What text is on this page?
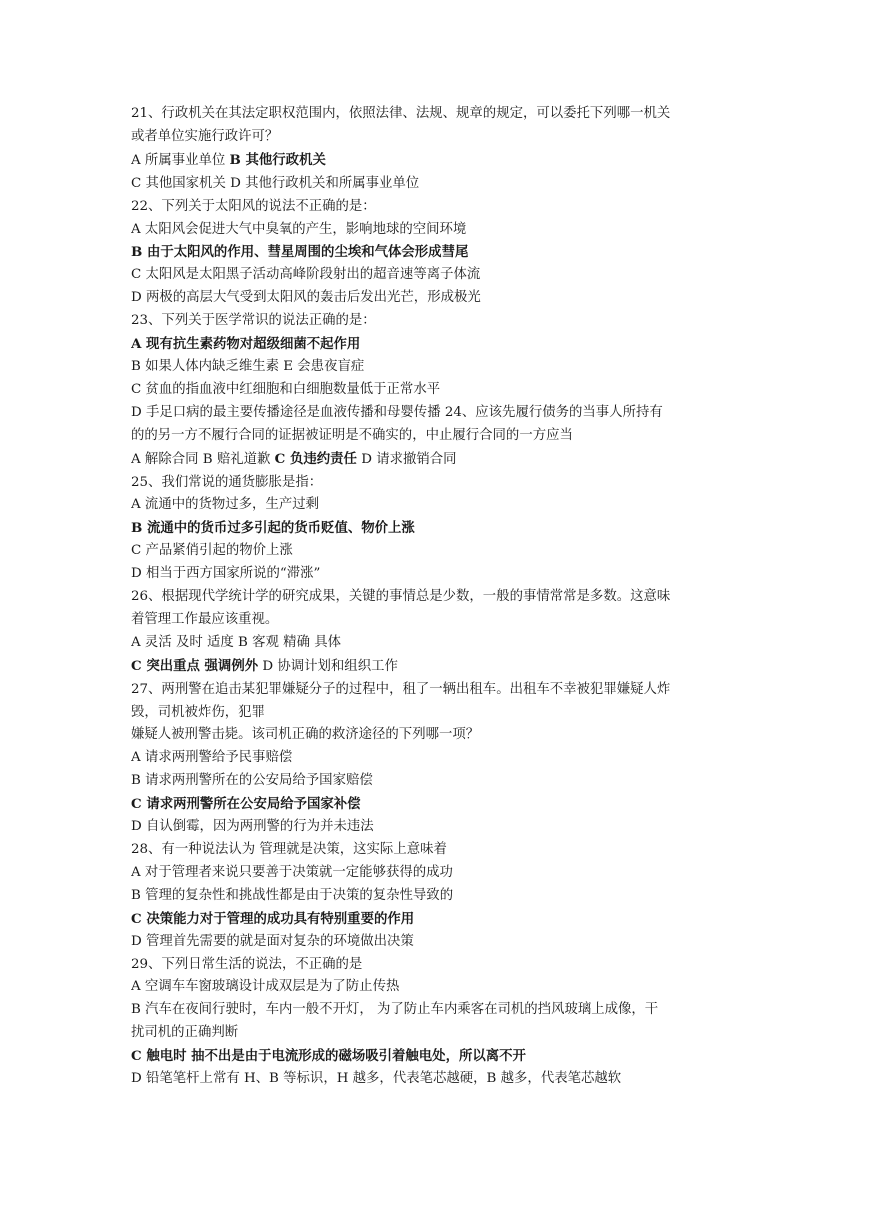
21、行政机关在其法定职权范围内，依照法律、法规、规章的规定，可以委托下列哪一机关
或者单位实施行政许可？
A 所属事业单位 B 其他行政机关
C 其他国家机关 D 其他行政机关和所属事业单位
22、下列关于太阳风的说法不正确的是：
A 太阳风会促进大气中臭氧的产生，影响地球的空间环境
B 由于太阳风的作用、彗星周围的尘埃和气体会形成彗尾
C 太阳风是太阳黑子活动高峰阶段射出的超音速等离子体流
D 两极的高层大气受到太阳风的轰击后发出光芒，形成极光
23、下列关于医学常识的说法正确的是：
A 现有抗生素药物对超级细菌不起作用
B 如果人体内缺乏维生素 E 会患夜盲症
C 贫血的指血液中红细胞和白细胞数量低于正常水平
D 手足口病的最主要传播途径是血液传播和母婴传播 24、应该先履行债务的当事人所持有
的的另一方不履行合同的证据被证明是不确实的，中止履行合同的一方应当
A 解除合同 B 赔礼道歉 C 负违约责任 D 请求撤销合同
25、我们常说的通货膨胀是指：
A 流通中的货物过多，生产过剩
B 流通中的货币过多引起的货币贬值、物价上涨
C 产品紧俏引起的物价上涨
D 相当于西方国家所说的“滞涨”
26、根据现代学统计学的研究成果，关键的事情总是少数，一般的事情常常是多数。这意味
着管理工作最应该重视。
A 灵活 及时 适度 B 客观 精确 具体
C 突出重点 强调例外 D 协调计划和组织工作
27、两刑警在追击某犯罪嫌疑分子的过程中，租了一辆出租车。出租车不幸被犯罪嫌疑人炸
毁，司机被炸伤，犯罪
嫌疑人被刑警击毙。该司机正确的救济途径的下列哪一项？
A 请求两刑警给予民事赔偿
B 请求两刑警所在的公安局给予国家赔偿
C 请求两刑警所在公安局给予国家补偿
D 自认倒霉，因为两刑警的行为并未违法
28、有一种说法认为 管理就是决策，这实际上意味着
A 对于管理者来说只要善于决策就一定能够获得的成功
B 管理的复杂性和挑战性都是由于决策的复杂性导致的
C 决策能力对于管理的成功具有特别重要的作用
D 管理首先需要的就是面对复杂的环境做出决策
29、下列日常生活的说法，不正确的是
A 空调车车窗玻璃设计成双层是为了防止传热
B 汽车在夜间行驶时，车内一般不开灯， 为了防止车内乘客在司机的挡风玻璃上成像，干
扰司机的正确判断
C 触电时 抽不出是由于电流形成的磁场吸引着触电处，所以离不开
D 铅笔笔杆上常有 H、B 等标识，H 越多，代表笔芯越硬，B 越多，代表笔芯越软
